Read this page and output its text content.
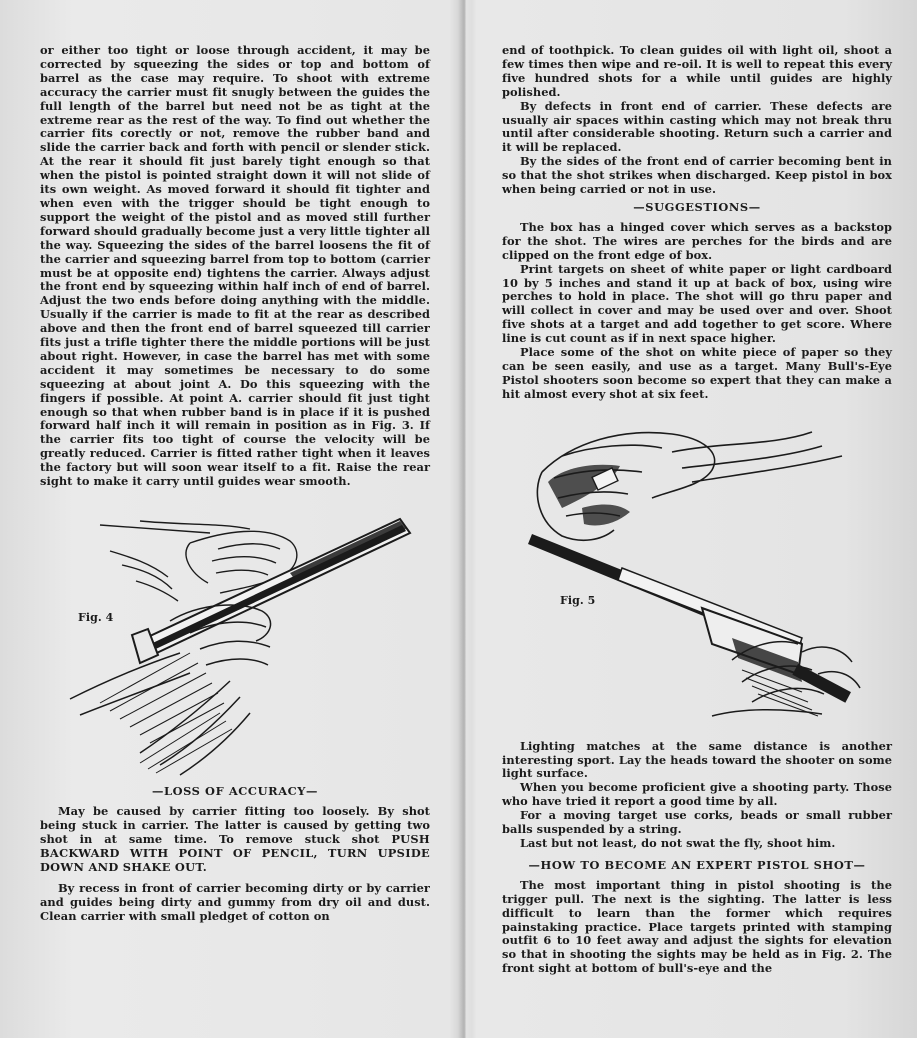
or either too tight or loose through accident, it may be corrected by squeezing the sides or top and bottom of barrel as the case may require. To shoot with extreme accuracy the carrier must fit snugly between the guides the full length of the barrel but need not be as tight at the extreme rear as the rest of the way. To find out whether the carrier fits corectly or not, remove the rubber band and slide the carrier back and forth with pencil or slender stick. At the rear it should fit just barely tight enough so that when the pistol is pointed straight down it will not slide of its own weight. As moved forward it should fit tighter and when even with the trigger should be tight enough to support the weight of the pistol and as moved still further forward should gradually become just a very little tighter all the way. Squeezing the sides of the barrel loosens the fit of the carrier and squeezing barrel from top to bottom (carrier must be at opposite end) tightens the carrier. Always adjust the front end by squeezing within half inch of end of barrel. Adjust the two ends before doing anything with the middle. Usually if the carrier is made to fit at the rear as described above and then the front end of barrel squeezed till carrier fits just a trifle tighter there the middle portions will be just about right. However, in case the barrel has met with some accident it may sometimes be necessary to do some squeezing at about joint A. Do this squeezing with the fingers if possible. At point A. carrier should fit just tight enough so that when rubber band is in place if it is pushed forward half inch it will remain in position as in Fig. 3. If the carrier fits too tight of course the velocity will be greatly reduced. Carrier is fitted rather tight when it leaves the factory but will soon wear itself to a fit. Raise the rear sight to make it carry until guides wear smooth.

Fig. 4
—LOSS OF ACCURACY—

May be caused by carrier fitting too loosely. By shot being stuck in carrier. The latter is caused by getting two shot in at same time. To remove stuck shot PUSH BACKWARD WITH POINT OF PENCIL, TURN UPSIDE DOWN AND SHAKE OUT.

By recess in front of carrier becoming dirty or by carrier and guides being dirty and gummy from dry oil and dust. Clean carrier with small pledget of cotton on

end of toothpick. To clean guides oil with light oil, shoot a few times then wipe and re-oil. It is well to repeat this every five hundred shots for a while until guides are highly polished.

By defects in front end of carrier. These defects are usually air spaces within casting which may not break thru until after considerable shooting. Return such a carrier and it will be replaced.

By the sides of the front end of carrier becoming bent in so that the shot strikes when discharged. Keep pistol in box when being carried or not in use.

—SUGGESTIONS—

The box has a hinged cover which serves as a backstop for the shot. The wires are perches for the birds and are clipped on the front edge of box.

Print targets on sheet of white paper or light cardboard 10 by 5 inches and stand it up at back of box, using wire perches to hold in place. The shot will go thru paper and will collect in cover and may be used over and over. Shoot five shots at a target and add together to get score. Where line is cut count as if in next space higher.

Place some of the shot on white piece of paper so they can be seen easily, and use as a target. Many Bull's-Eye Pistol shooters soon become so expert that they can make a hit almost every shot at six feet.

Fig. 5

Lighting matches at the same distance is another interesting sport. Lay the heads toward the shooter on some light surface.

When you become proficient give a shooting party. Those who have tried it report a good time by all.

For a moving target use corks, beads or small rubber balls suspended by a string.

Last but not least, do not swat the fly, shoot him.

—HOW TO BECOME AN EXPERT PISTOL SHOT—

The most important thing in pistol shooting is the trigger pull. The next is the sighting. The latter is less difficult to learn than the former which requires painstaking practice. Place targets printed with stamping outfit 6 to 10 feet away and adjust the sights for elevation so that in shooting the sights may be held as in Fig. 2. The front sight at bottom of bull's-eye and the
